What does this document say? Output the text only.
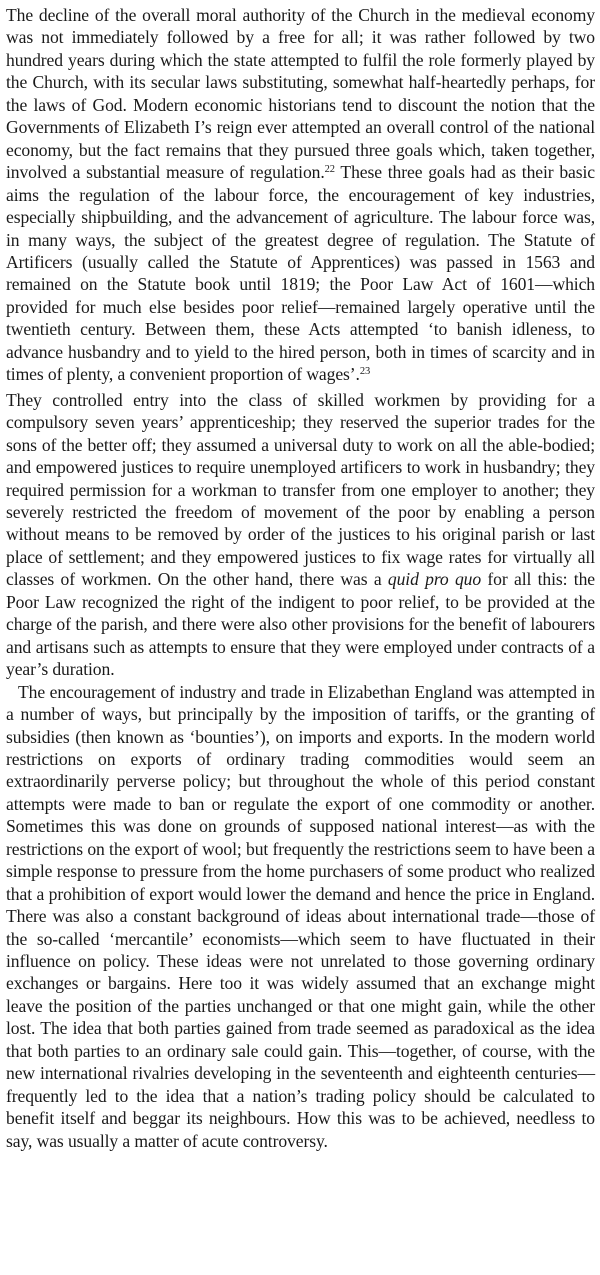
The decline of the overall moral authority of the Church in the medieval economy was not immediately followed by a free for all; it was rather followed by two hundred years during which the state attempted to fulfil the role formerly played by the Church, with its secular laws substituting, somewhat half-heartedly perhaps, for the laws of God. Modern economic historians tend to discount the notion that the Governments of Elizabeth I’s reign ever attempted an overall control of the national economy, but the fact remains that they pursued three goals which, taken together, involved a substantial measure of regulation.$^{22}$ These three goals had as their basic aims the regulation of the labour force, the encouragement of key industries, especially shipbuilding, and the advancement of agriculture. The labour force was, in many ways, the subject of the greatest degree of regulation. The Statute of Artificers (usually called the Statute of Apprentices) was passed in 1563 and remained on the Statute book until 1819; the Poor Law Act of 1601—which provided for much else besides poor relief—remained largely operative until the twentieth century. Between them, these Acts attempted ‘to banish idleness, to advance husbandry and to yield to the hired person, both in times of scarcity and in times of plenty, a convenient proportion of wages’.$^{23}$

They controlled entry into the class of skilled workmen by providing for a compulsory seven years’ apprenticeship; they reserved the superior trades for the sons of the better off; they assumed a universal duty to work on all the able-bodied; and empowered justices to require unemployed artificers to work in husbandry; they required permission for a workman to transfer from one employer to another; they severely restricted the freedom of movement of the poor by enabling a person without means to be removed by order of the justices to his original parish or last place of settlement; and they empowered justices to fix wage rates for virtually all classes of workmen. On the other hand, there was a quid pro quo for all this: the Poor Law recognized the right of the indigent to poor relief, to be provided at the charge of the parish, and there were also other provisions for the benefit of labourers and artisans such as attempts to ensure that they were employed under contracts of a year’s duration.

The encouragement of industry and trade in Elizabethan England was attempted in a number of ways, but principally by the imposition of tariffs, or the granting of subsidies (then known as ‘bounties’), on imports and exports. In the modern world restrictions on exports of ordinary trading commodities would seem an extraordinarily perverse policy; but throughout the whole of this period constant attempts were made to ban or regulate the export of one commodity or another. Sometimes this was done on grounds of supposed national interest—as with the restrictions on the export of wool; but frequently the restrictions seem to have been a simple response to pressure from the home purchasers of some product who realized that a prohibition of export would lower the demand and hence the price in England. There was also a constant background of ideas about international trade—those of the so-called ‘mercantile’ economists—which seem to have fluctuated in their influence on policy. These ideas were not unrelated to those governing ordinary exchanges or bargains. Here too it was widely assumed that an exchange might leave the position of the parties unchanged or that one might gain, while the other lost. The idea that both parties gained from trade seemed as paradoxical as the idea that both parties to an ordinary sale could gain. This—together, of course, with the new international rivalries developing in the seventeenth and eighteenth centuries—frequently led to the idea that a nation’s trading policy should be calculated to benefit itself and beggar its neighbours. How this was to be achieved, needless to say, was usually a matter of acute controversy.
